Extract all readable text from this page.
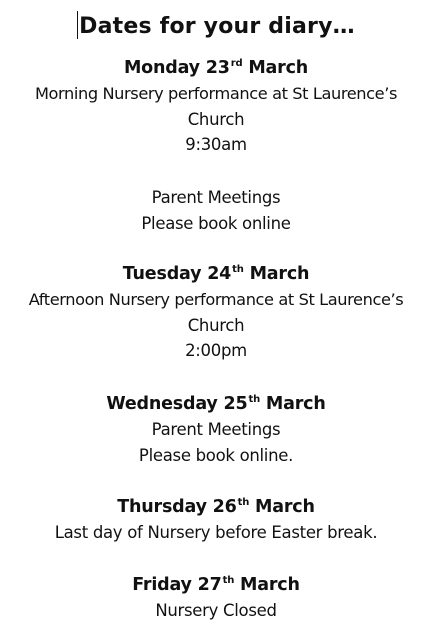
Dates for your diary…
Monday 23rd March
Morning Nursery performance at St Laurence’s
Church
9:30am
Parent Meetings
Please book online
Tuesday 24th March
Afternoon Nursery performance at St Laurence’s
Church
2:00pm
Wednesday 25th March
Parent Meetings
Please book online.
Thursday 26th March
Last day of Nursery before Easter break.
Friday 27th March
Nursery Closed
